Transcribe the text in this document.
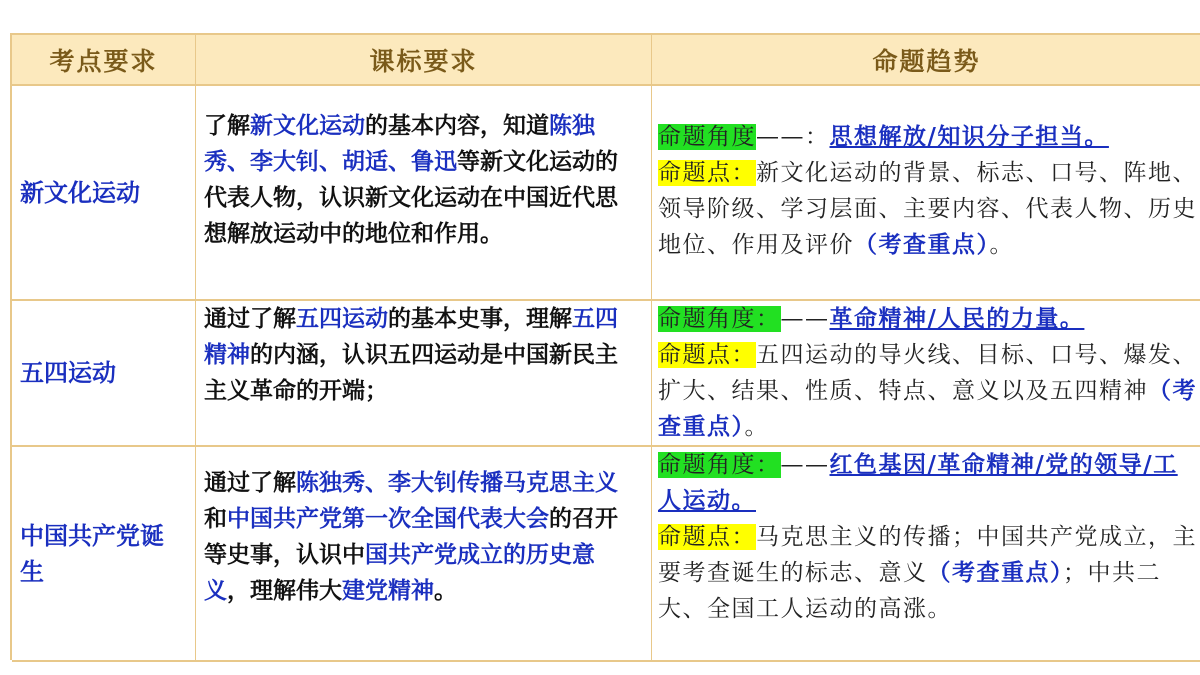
考点要求	课标要求	命题趋势
新文化运动
了解新文化运动的基本内容，知道陈独秀、李大钊、胡适、鲁迅等新文化运动的代表人物，认识新文化运动在中国近代思想解放运动中的地位和作用。
命题角度——：思想解放/知识分子担当。
命题点：新文化运动的背景、标志、口号、阵地、领导阶级、学习层面、主要内容、代表人物、历史地位、作用及评价（考查重点）。
五四运动
通过了解五四运动的基本史事，理解五四精神的内涵，认识五四运动是中国新民主主义革命的开端；
命题角度：——革命精神/人民的力量。
命题点：五四运动的导火线、目标、口号、爆发、扩大、结果、性质、特点、意义以及五四精神（考查重点）。
中国共产党诞生
通过了解陈独秀、李大钊传播马克思主义和中国共产党第一次全国代表大会的召开等史事，认识中国共产党成立的历史意义，理解伟大建党精神。
命题角度：——红色基因/革命精神/党的领导/工人运动。
命题点：马克思主义的传播；中国共产党成立，主要考查诞生的标志、意义（考查重点）；中共二大、全国工人运动的高涨。
